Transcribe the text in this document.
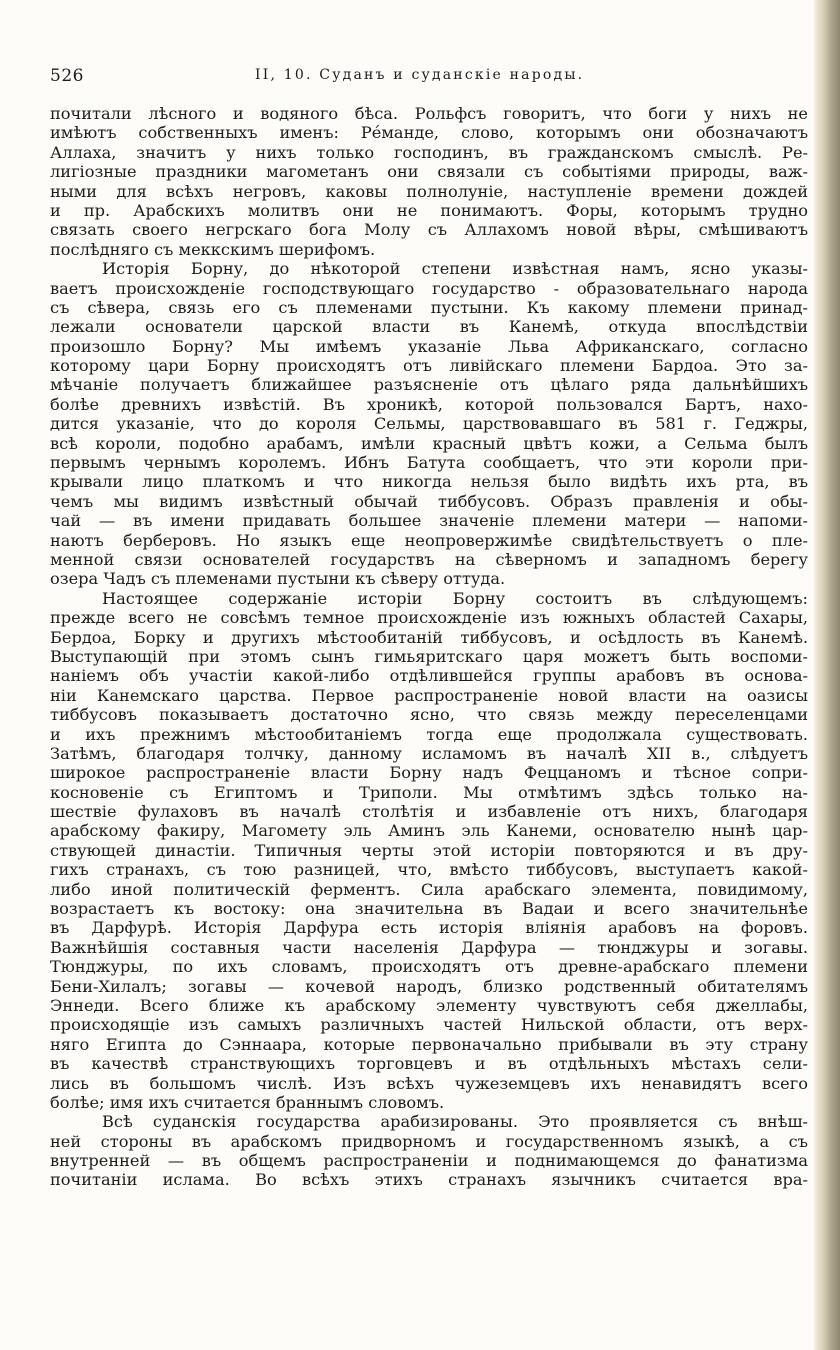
526	II, 10. Суданъ и суданскіе народы.
почитали лѣсного и водяного бѣса. Рольфсъ говоритъ, что боги у нихъ не
имѣютъ собственныхъ именъ: Ре́манде, слово, которымъ они обозначаютъ
Аллаха, значитъ у нихъ только господинъ, въ гражданскомъ смыслѣ. Ре-
лигіозные праздники магометанъ они связали съ событіями природы, важ-
ными для всѣхъ негровъ, каковы полнолуніе, наступленіе времени дождей
и пр. Арабскихъ молитвъ они не понимаютъ. Форы, которымъ трудно
связать своего негрскаго бога Молу съ Аллахомъ новой вѣры, смѣшиваютъ
послѣдняго съ меккскимъ шерифомъ.
Исторія Борну, до нѣкоторой степени извѣстная намъ, ясно указы-
ваетъ происхожденіе господствующаго государство - образовательнаго народа
съ сѣвера, связь его съ племенами пустыни. Къ какому племени принад-
лежали основатели царской власти въ Канемѣ, откуда впослѣдствіи
произошло Борну? Мы имѣемъ указаніе Льва Африканскаго, согласно
которому цари Борну происходятъ отъ ливійскаго племени Бардоа. Это за-
мѣчаніе получаетъ ближайшее разъясненіе отъ цѣлаго ряда дальнѣйшихъ
болѣе древнихъ извѣстій. Въ хроникѣ, которой пользовался Бартъ, нахо-
дится указаніе, что до короля Сельмы, царствовавшаго въ 581 г. Геджры,
всѣ короли, подобно арабамъ, имѣли красный цвѣтъ кожи, а Сельма былъ
первымъ чернымъ королемъ. Ибнъ Батута сообщаетъ, что эти короли при-
крывали лицо платкомъ и что никогда нельзя было видѣть ихъ рта, въ
чемъ мы видимъ извѣстный обычай тиббусовъ. Образъ правленія и обы-
чай — въ имени придавать большее значеніе племени матери — напоми-
наютъ берберовъ. Но языкъ еще неопровержимѣе свидѣтельствуетъ о пле-
менной связи основателей государствъ на сѣверномъ и западномъ берегу
озера Чадъ съ племенами пустыни къ сѣверу оттуда.
Настоящее содержаніе исторіи Борну состоитъ въ слѣдующемъ:
прежде всего не совсѣмъ темное происхожденіе изъ южныхъ областей Сахары,
Бердоа, Борку и другихъ мѣстообитаній тиббусовъ, и осѣдлость въ Канемѣ.
Выступающій при этомъ сынъ гимьяритскаго царя можетъ быть воспоми-
наніемъ объ участіи какой-либо отдѣлившейся группы арабовъ въ основа-
ніи Канемскаго царства. Первое распространеніе новой власти на оазисы
тиббусовъ показываетъ достаточно ясно, что связь между переселенцами
и ихъ прежнимъ мѣстообитаніемъ тогда еще продолжала существовать.
Затѣмъ, благодаря толчку, данному исламомъ въ началѣ XII в., слѣдуетъ
широкое распространеніе власти Борну надъ Феццаномъ и тѣсное сопри-
косновеніе съ Египтомъ и Триполи. Мы отмѣтимъ здѣсь только на-
шествіе фулаховъ въ началѣ столѣтія и избавленіе отъ нихъ, благодаря
арабскому факиру, Магомету эль Аминъ эль Канеми, основателю нынѣ цар-
ствующей династіи. Типичныя черты этой исторіи повторяются и въ дру-
гихъ странахъ, съ тою разницей, что, вмѣсто тиббусовъ, выступаетъ какой-
либо иной политическій ферментъ. Сила арабскаго элемента, повидимому,
возрастаетъ къ востоку: она значительна въ Вадаи и всего значительнѣе
въ Дарфурѣ. Исторія Дарфура есть исторія вліянія арабовъ на форовъ.
Важнѣйшія составныя части населенія Дарфура — тюнджуры и зогавы.
Тюнджуры, по ихъ словамъ, происходятъ отъ древне-арабскаго племени
Бени-Хилалъ; зогавы — кочевой народъ, близко родственный обитателямъ
Эннеди. Всего ближе къ арабскому элементу чувствуютъ себя джеллабы,
происходящіе изъ самыхъ различныхъ частей Нильской области, отъ верх-
няго Египта до Сэннаара, которые первоначально прибывали въ эту страну
въ качествѣ странствующихъ торговцевъ и въ отдѣльныхъ мѣстахъ сели-
лись въ большомъ числѣ. Изъ всѣхъ чужеземцевъ ихъ ненавидятъ всего
болѣе; имя ихъ считается браннымъ словомъ.
Всѣ суданскія государства арабизированы. Это проявляется съ внѣш-
ней стороны въ арабскомъ придворномъ и государственномъ языкѣ, а съ
внутренней — въ общемъ распространеніи и поднимающемся до фанатизма
почитаніи ислама. Во всѣхъ этихъ странахъ язычникъ считается вра-
